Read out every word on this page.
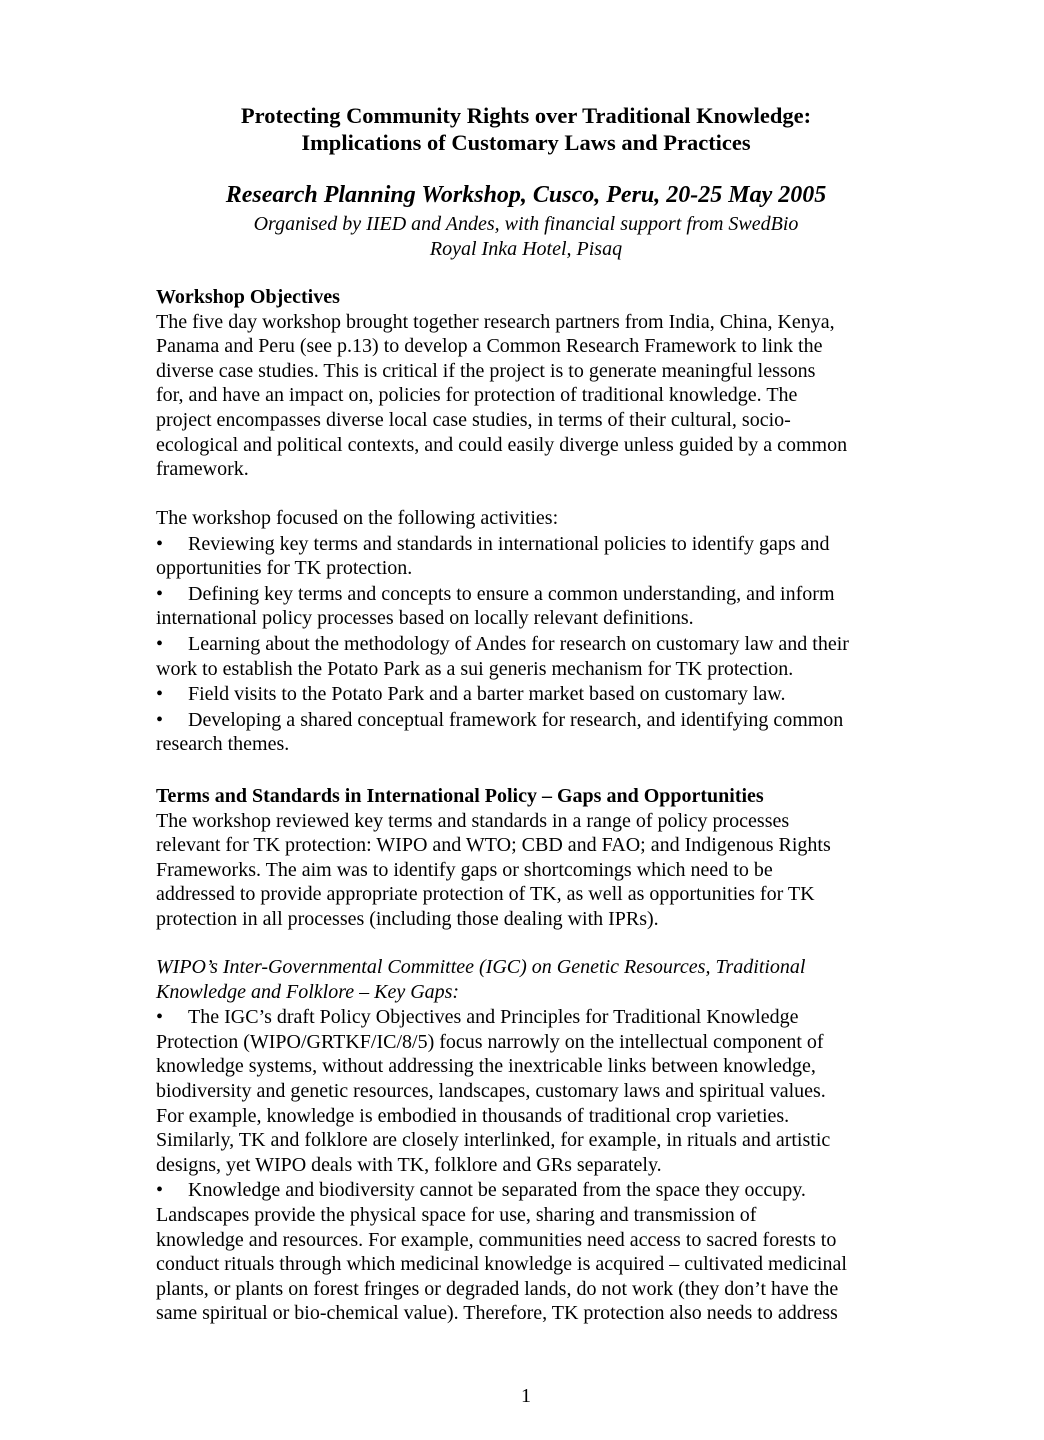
Protecting Community Rights over Traditional Knowledge:
Implications of Customary Laws and Practices
Research Planning Workshop, Cusco, Peru, 20-25 May 2005
Organised by IIED and Andes, with financial support from SwedBio
Royal Inka Hotel, Pisaq
Workshop Objectives
The five day workshop brought together research partners from India, China, Kenya,
Panama and Peru (see p.13) to develop a Common Research Framework to link the
diverse case studies. This is critical if the project is to generate meaningful lessons
for, and have an impact on, policies for protection of traditional knowledge. The
project encompasses diverse local case studies, in terms of their cultural, socio-
ecological and political contexts, and could easily diverge unless guided by a common
framework.
The workshop focused on the following activities:
• Reviewing key terms and standards in international policies to identify gaps and
opportunities for TK protection.
• Defining key terms and concepts to ensure a common understanding, and inform
international policy processes based on locally relevant definitions.
• Learning about the methodology of Andes for research on customary law and their
work to establish the Potato Park as a sui generis mechanism for TK protection.
• Field visits to the Potato Park and a barter market based on customary law.
• Developing a shared conceptual framework for research, and identifying common
research themes.
Terms and Standards in International Policy – Gaps and Opportunities
The workshop reviewed key terms and standards in a range of policy processes
relevant for TK protection: WIPO and WTO; CBD and FAO; and Indigenous Rights
Frameworks. The aim was to identify gaps or shortcomings which need to be
addressed to provide appropriate protection of TK, as well as opportunities for TK
protection in all processes (including those dealing with IPRs).
WIPO’s Inter-Governmental Committee (IGC) on Genetic Resources, Traditional
Knowledge and Folklore – Key Gaps:
• The IGC’s draft Policy Objectives and Principles for Traditional Knowledge
Protection (WIPO/GRTKF/IC/8/5) focus narrowly on the intellectual component of
knowledge systems, without addressing the inextricable links between knowledge,
biodiversity and genetic resources, landscapes, customary laws and spiritual values.
For example, knowledge is embodied in thousands of traditional crop varieties.
Similarly, TK and folklore are closely interlinked, for example, in rituals and artistic
designs, yet WIPO deals with TK, folklore and GRs separately.
• Knowledge and biodiversity cannot be separated from the space they occupy.
Landscapes provide the physical space for use, sharing and transmission of
knowledge and resources. For example, communities need access to sacred forests to
conduct rituals through which medicinal knowledge is acquired – cultivated medicinal
plants, or plants on forest fringes or degraded lands, do not work (they don’t have the
same spiritual or bio-chemical value). Therefore, TK protection also needs to address
1
